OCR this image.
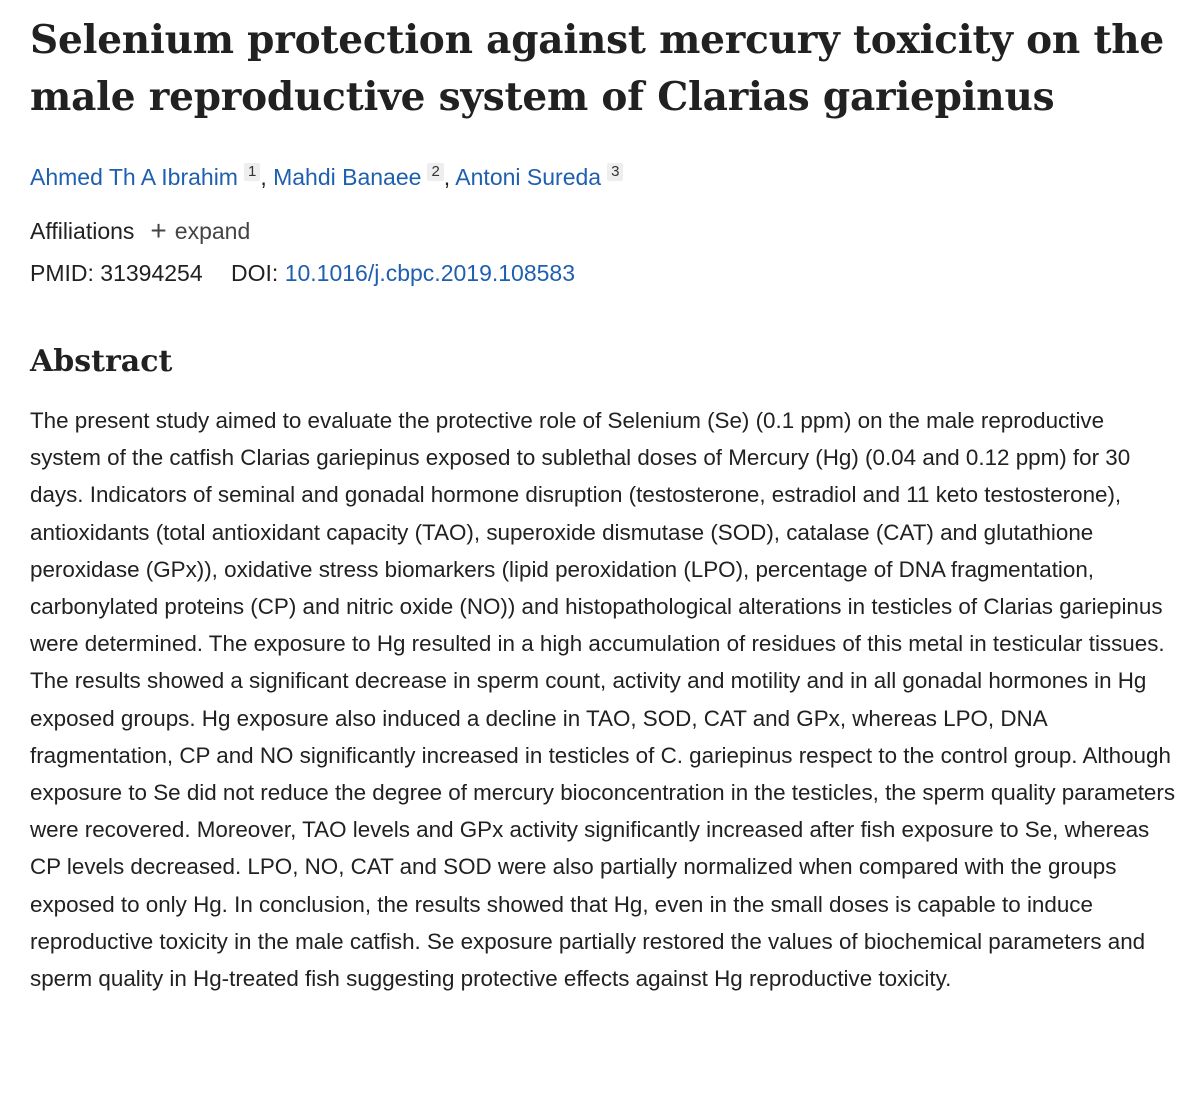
Selenium protection against mercury toxicity on the male reproductive system of Clarias gariepinus
Ahmed Th A Ibrahim 1 , Mahdi Banaee 2 , Antoni Sureda 3
Affiliations + expand
PMID: 31394254 DOI: 10.1016/j.cbpc.2019.108583
Abstract

The present study aimed to evaluate the protective role of Selenium (Se) (0.1 ppm) on the male reproductive system of the catfish Clarias gariepinus exposed to sublethal doses of Mercury (Hg) (0.04 and 0.12 ppm) for 30 days. Indicators of seminal and gonadal hormone disruption (testosterone, estradiol and 11 keto testosterone), antioxidants (total antioxidant capacity (TAO), superoxide dismutase (SOD), catalase (CAT) and glutathione peroxidase (GPx)), oxidative stress biomarkers (lipid peroxidation (LPO), percentage of DNA fragmentation, carbonylated proteins (CP) and nitric oxide (NO)) and histopathological alterations in testicles of Clarias gariepinus were determined. The exposure to Hg resulted in a high accumulation of residues of this metal in testicular tissues. The results showed a significant decrease in sperm count, activity and motility and in all gonadal hormones in Hg exposed groups. Hg exposure also induced a decline in TAO, SOD, CAT and GPx, whereas LPO, DNA fragmentation, CP and NO significantly increased in testicles of C. gariepinus respect to the control group. Although exposure to Se did not reduce the degree of mercury bioconcentration in the testicles, the sperm quality parameters were recovered. Moreover, TAO levels and GPx activity significantly increased after fish exposure to Se, whereas CP levels decreased. LPO, NO, CAT and SOD were also partially normalized when compared with the groups exposed to only Hg. In conclusion, the results showed that Hg, even in the small doses is capable to induce reproductive toxicity in the male catfish. Se exposure partially restored the values of biochemical parameters and sperm quality in Hg-treated fish suggesting protective effects against Hg reproductive toxicity.
